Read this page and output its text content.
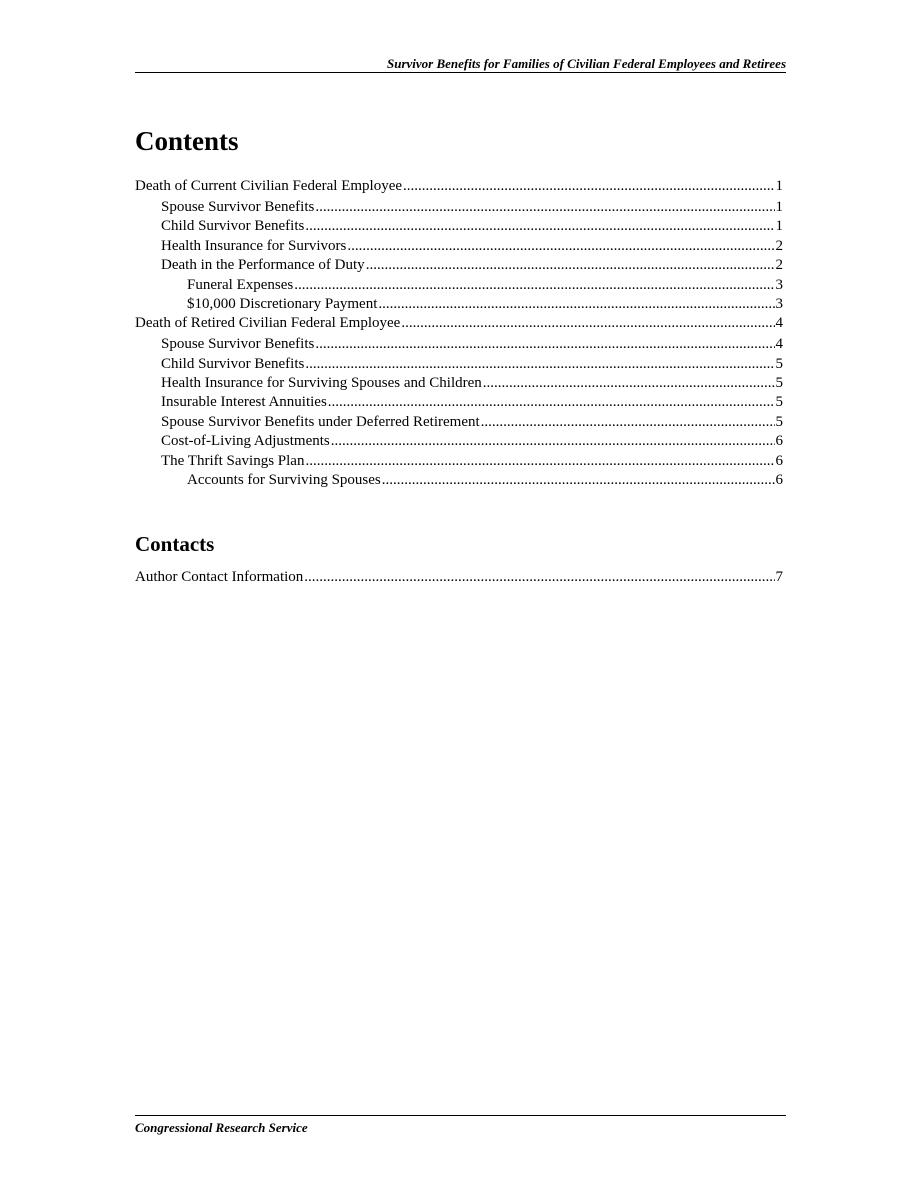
Survivor Benefits for Families of Civilian Federal Employees and Retirees
Contents
Death of Current Civilian Federal Employee .....	1
Spouse Survivor Benefits .....	1
Child Survivor Benefits .....	1
Health Insurance for Survivors .....	2
Death in the Performance of Duty .....	2
Funeral Expenses .....	3
$10,000 Discretionary Payment .....	3
Death of Retired Civilian Federal Employee .....	4
Spouse Survivor Benefits .....	4
Child Survivor Benefits .....	5
Health Insurance for Surviving Spouses and Children .....	5
Insurable Interest Annuities .....	5
Spouse Survivor Benefits under Deferred Retirement .....	5
Cost-of-Living Adjustments .....	6
The Thrift Savings Plan .....	6
Accounts for Surviving Spouses .....	6
Contacts
Author Contact Information .....	7
Congressional Research Service
